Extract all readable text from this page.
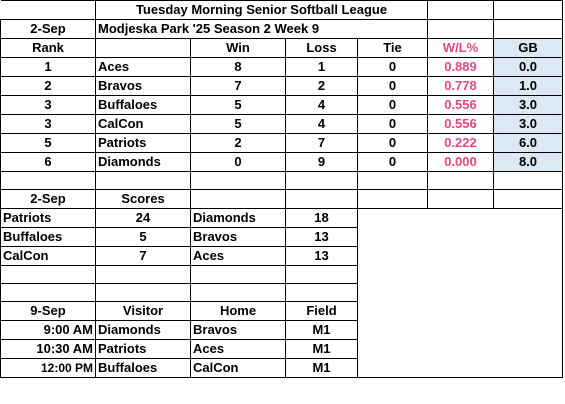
	Tuesday Morning Senior Softball League					
2-Sep	Modjeska Park '25 Season 2 Week 9					
Rank		Win	Loss	Tie	W/L%	GB
1	Aces	8	1	0	0.889	0.0
2	Bravos	7	2	0	0.778	1.0
3	Buffaloes	5	4	0	0.556	3.0
3	CalCon	5	4	0	0.556	3.0
5	Patriots	2	7	0	0.222	6.0
6	Diamonds	0	9	0	0.000	8.0

2-Sep	Scores					
Patriots	24	Diamonds	18			
Buffaloes	5	Bravos	13			
CalCon	7	Aces	13			

9-Sep	Visitor	Home	Field			
9:00 AM	Diamonds	Bravos	M1			
10:30 AM	Patriots	Aces	M1			
12:00 PM	Buffaloes	CalCon	M1			
